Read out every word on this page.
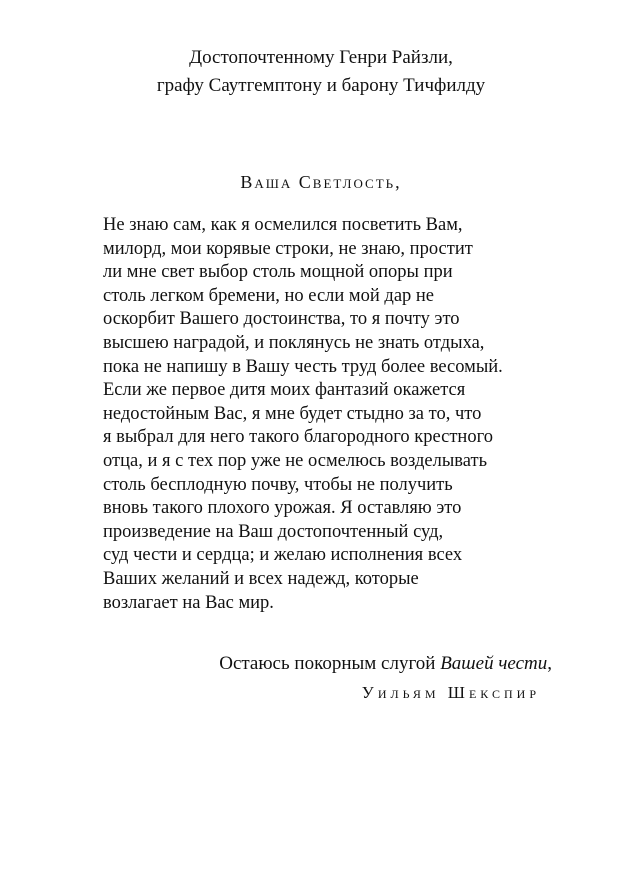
Достопочтенному Генри Райзли,
графу Саутгемптону и барону Тичфилду
Ваша Светлость,
Не знаю сам, как я осмелился посветить Вам,
милорд, мои корявые строки, не знаю, простит
ли мне свет выбор столь мощной опоры при
столь легком бремени, но если мой дар не
оскорбит Вашего достоинства, то я почту это
высшею наградой, и поклянусь не знать отдыха,
пока не напишу в Вашу честь труд более весомый.
Если же первое дитя моих фантазий окажется
недостойным Вас, я мне будет стыдно за то, что
я выбрал для него такого благородного крестного
отца, и я с тех пор уже не осмелюсь возделывать
столь бесплодную почву, чтобы не получить
вновь такого плохого урожая. Я оставляю это
произведение на Ваш достопочтенный суд,
суд чести и сердца; и желаю исполнения всех
Ваших желаний и всех надежд, которые
возлагает на Вас мир.
Остаюсь покорным слугой Вашей чести,
Уильям Шекспир
